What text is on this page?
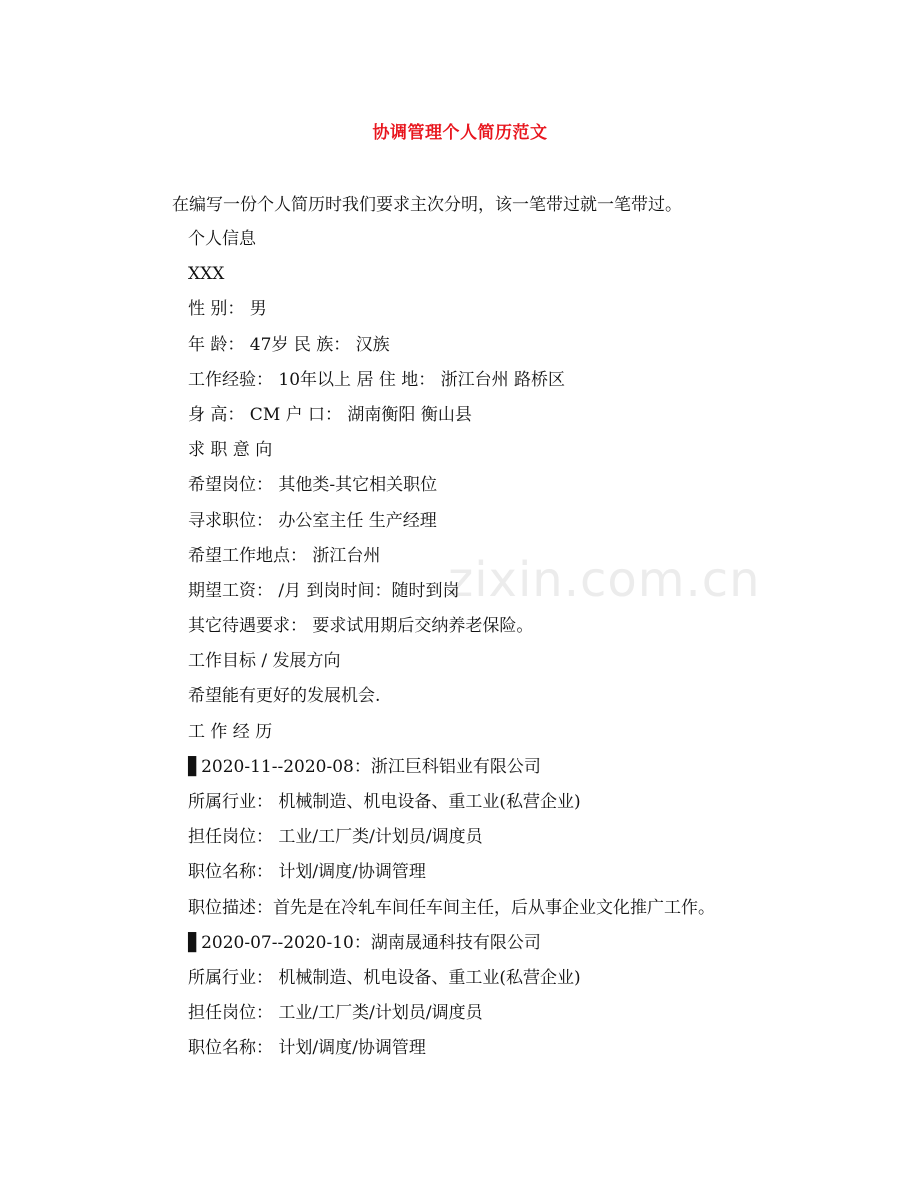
zixin.com.cn
协调管理个人简历范文
在编写一份个人简历时我们要求主次分明，该一笔带过就一笔带过。
个人信息
XXX
性 别： 男
年 龄： 47岁 民 族： 汉族
工作经验： 10年以上 居 住 地： 浙江台州 路桥区
身 高： CM 户 口： 湖南衡阳 衡山县
求 职 意 向
希望岗位： 其他类-其它相关职位
寻求职位： 办公室主任 生产经理
希望工作地点： 浙江台州
期望工资： /月 到岗时间：随时到岗
其它待遇要求： 要求试用期后交纳养老保险。
工作目标 / 发展方向
希望能有更好的发展机会.
工 作 经 历
▋2020-11--2020-08：浙江巨科铝业有限公司
所属行业： 机械制造、机电设备、重工业(私营企业)
担任岗位： 工业/工厂类/计划员/调度员
职位名称： 计划/调度/协调管理
职位描述：首先是在冷轧车间任车间主任，后从事企业文化推广工作。
▋2020-07--2020-10：湖南晟通科技有限公司
所属行业： 机械制造、机电设备、重工业(私营企业)
担任岗位： 工业/工厂类/计划员/调度员
职位名称： 计划/调度/协调管理
